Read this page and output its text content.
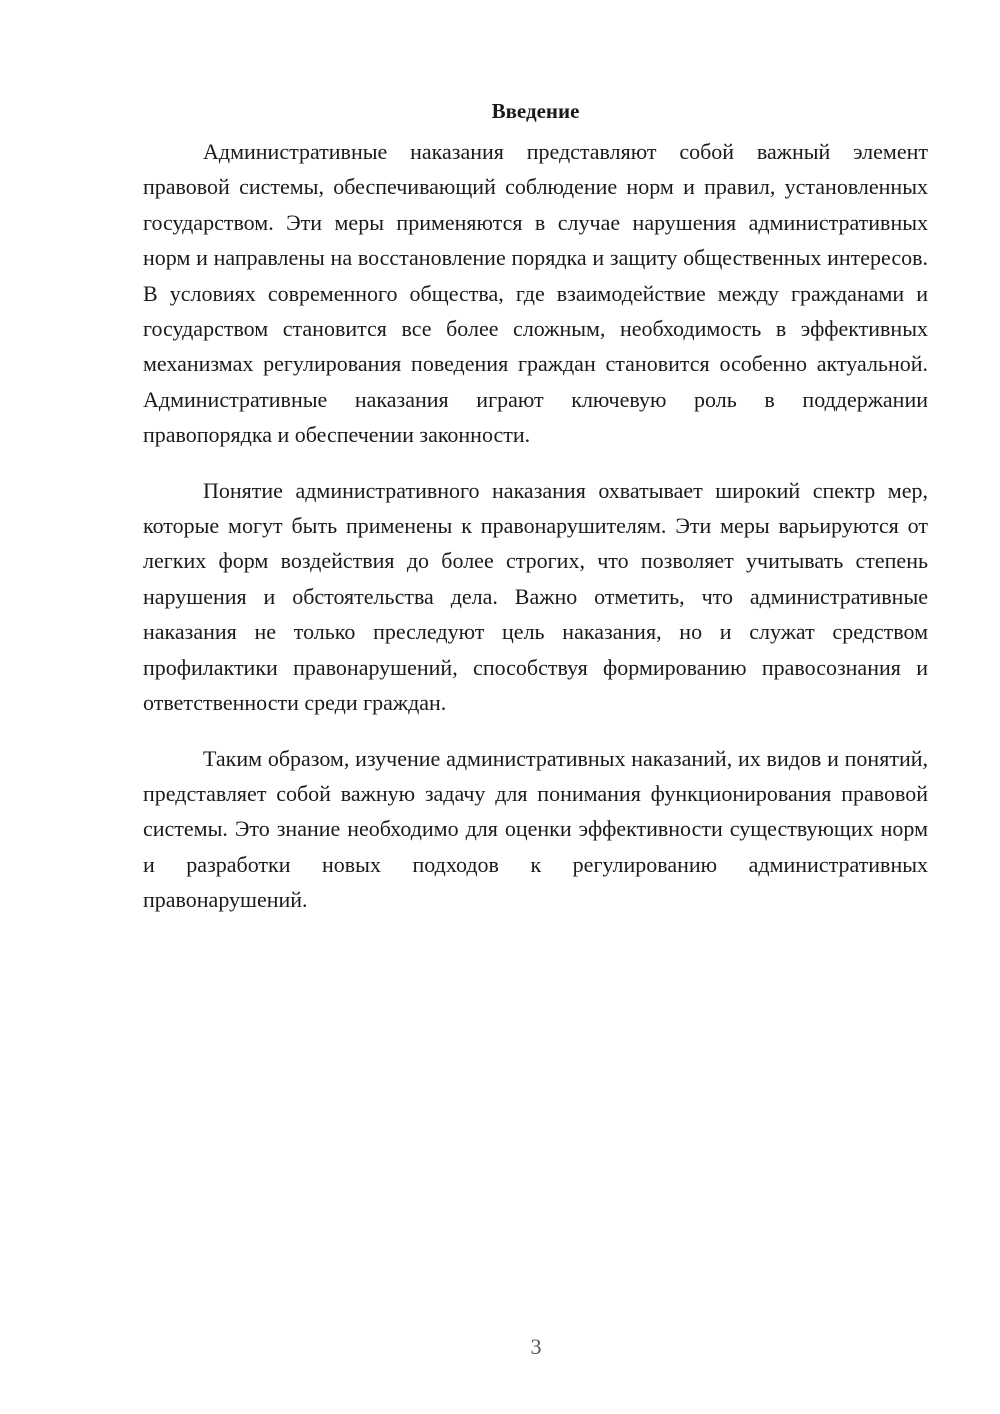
Введение

Административные наказания представляют собой важный элемент правовой системы, обеспечивающий соблюдение норм и правил, установленных государством. Эти меры применяются в случае нарушения административных норм и направлены на восстановление порядка и защиту общественных интересов. В условиях современного общества, где взаимодействие между гражданами и государством становится все более сложным, необходимость в эффективных механизмах регулирования поведения граждан становится особенно актуальной. Административные наказания играют ключевую роль в поддержании правопорядка и обеспечении законности.

Понятие административного наказания охватывает широкий спектр мер, которые могут быть применены к правонарушителям. Эти меры варьируются от легких форм воздействия до более строгих, что позволяет учитывать степень нарушения и обстоятельства дела. Важно отметить, что административные наказания не только преследуют цель наказания, но и служат средством профилактики правонарушений, способствуя формированию правосознания и ответственности среди граждан.

Таким образом, изучение административных наказаний, их видов и понятий, представляет собой важную задачу для понимания функционирования правовой системы. Это знание необходимо для оценки эффективности существующих норм и разработки новых подходов к регулированию административных правонарушений.

3
